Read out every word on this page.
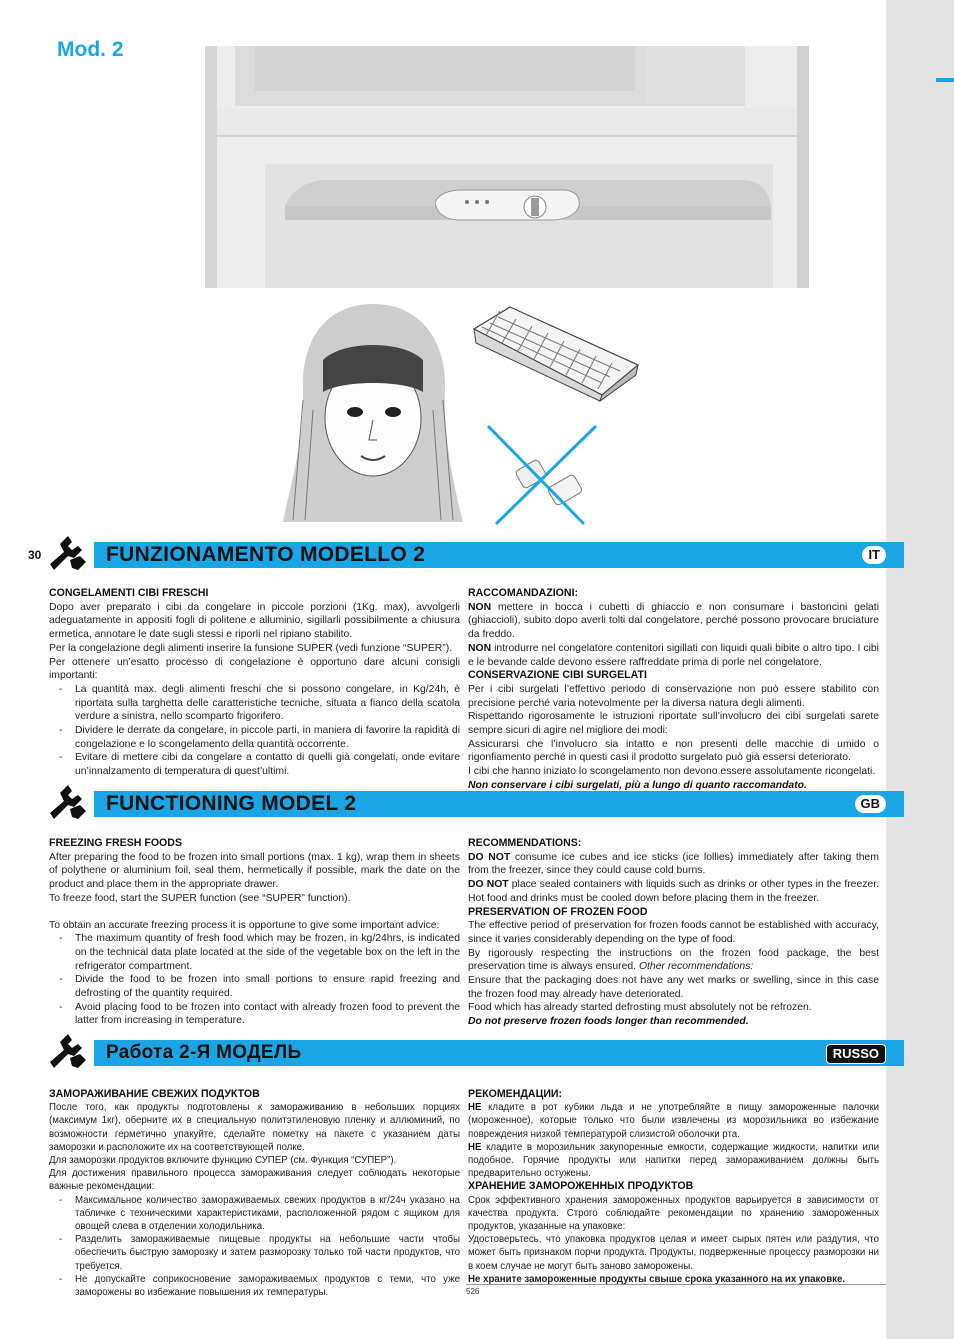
Mod. 2
30	FUNZIONAMENTO MODELLO 2	IT
CONGELAMENTI CIBI FRESCHI

Dopo aver preparato i cibi da congelare in piccole porzioni (1Kg. max), avvolgerli adeguatamente in appositi fogli di politene e alluminio, sigillarli possibilmente a chiusura ermetica, annotare le date sugli stessi e riporli nel ripiano stabilito.

Per la congelazione degli alimenti inserire la funsione SUPER (vedi funzione “SUPER”).

Per ottenere un’esatto processo di congelazione è opportuno dare alcuni consigli importanti:

- La quantità max. degli alimenti freschi che si possono congelare, in Kg/24h, è riportata sulla targhetta delle caratteristiche tecniche, situata a fianco della scatola verdure a sinistra, nello scomparto frigorifero.
- Dividere le derrate da congelare, in piccole parti, in maniera di favorire la rapidità di congelazione e lo scongelamento della quantità occorrente.
- Evitare di mettere cibi da congelare a contatto di quelli già congelati, onde evitare un’innalzamento di temperatura di quest’ultimi.
RACCOMANDAZIONI:

NON mettere in bocca i cubetti di ghiaccio e non consumare i bastoncini gelati (ghiaccioli), subito dopo averli tolti dal congelatore, perché possono provocare bruciature da freddo.

NON introdurre nel congelatore contenitori sigillati con liquidi quali bibite o altro tipo. I cibi e le bevande calde devono essere raffreddate prima di porle nel congelatore.

CONSERVAZIONE CIBI SURGELATI

Per i cibi surgelati l’effettivo periodo di conservazione non può essere stabilito con precisione perché varia notevolmente per la diversa natura degli alimenti.

Rispettando rigorosamente le istruzioni riportate sull’involucro dei cibi surgelati sarete sempre sicuri di agire nel migliore dei modi:

Assicurarsi che l’involucro sia intatto e non presenti delle macchie di umido o rigonfiamento perché in questi casi il prodotto surgelato può già essersi deteriorato.

I cibi che hanno iniziato lo scongelamento non devono essere assolutamente ricongelati.

Non conservare i cibi surgelati, più a lungo di quanto raccomandato.

FUNCTIONING MODEL 2	GB
FREEZING FRESH FOODS

After preparing the food to be frozen into small portions (max. 1 kg), wrap them in sheets of polythene or aluminium foil, seal them, hermetically if possible, mark the date on the product and place them in the appropriate drawer.

To freeze food, start the SUPER function (see “SUPER” function).

To obtain an accurate freezing process it is opportune to give some important advice:

- The maximum quantity of fresh food which may be frozen, in kg/24hrs, is indicated on the technical data plate located at the side of the vegetable box on the left in the refrigerator compartment.
- Divide the food to be frozen into small portions to ensure rapid freezing and defrosting of the quantity required.
- Avoid placing food to be frozen into contact with already frozen food to prevent the latter from increasing in temperature.
RECOMMENDATIONS:

DO NOT consume ice cubes and ice sticks (ice lollies) immediately after taking them from the freezer, since they could cause cold burns.

DO NOT place sealed containers with liquids such as drinks or other types in the freezer. Hot food and drinks must be cooled down before placing them in the freezer.

PRESERVATION OF FROZEN FOOD

The effective period of preservation for frozen foods cannot be established with accuracy, since it varies considerably depending on the type of food.

By rigorously respecting the instructions on the frozen food package, the best preservation time is always ensured. Other recommendations:

Ensure that the packaging does not have any wet marks or swelling, since in this case the frozen food may already have deteriorated.

Food which has already started defrosting must absolutely not be refrozen.

Do not preserve frozen foods longer than recommended.

Работа 2-Я МОДЕЛЬ	RUSSO
ЗАМОРАЖИВАНИЕ СВЕЖИХ ПОДУКТОВ

После того, как продукты подготовлены к замораживанию в небольших порциях (максимум 1кг), оберните их в специальную политэтиленовую пленку и аллюминий, по возможности герметично упакуйте, сделайте пометку на пакете с указанием даты заморозки и расположите их на соответствующей полке.

Для заморозки продуктов включите функцию СУПЕР (см. Функция “СУПЕР”).

Для достижения правильного процесса замораживания следует соблюдать некоторые важные рекомендации:

- Максимальное количество замораживаемых свежих продуктов в кг/24ч указано на табличке с техническими характеристиками, расположенной рядом с ящиком для овощей слева в отделении холодильника.
- Разделить замораживаемые пищевые продукты на небольшие части чтобы обеспечить быструю заморозку и затем разморозку только той части продуктов, что требуется.
- Не допускайте соприкосновение замораживаемых продуктов с теми, что уже заморожены во избежание повышения их температуры.
РЕКОМЕНДАЦИИ:

НЕ кладите в рот кубики льда и не употребляйте в пищу замороженные палочки (мороженное), которые только что были извлечены из морозильника во избежание повреждения низкой температурой слизистой оболочки рта.

НЕ кладите в морозильник закупоренные емкости, содержащие жидкости, напитки или подобное. Горячие продукты или напитки перед замораживанием должны быть предварительно остужены.

ХРАНЕНИЕ ЗАМОРОЖЕННЫХ ПРОДУКТОВ

Срок эффективного хранения замороженных продуктов варьируется в зависимости от качества продукта. Строго соблюдайте рекомендации по хранению замороженных продуктов, указанные на упаковке:

Удостоверьтесь, что упаковка продуктов целая и имеет сырых пятен или раздутия, что может быть признаком порчи продукта. Продукты, подверженные процессу разморозки ни в коем случае не могут быть заново заморожены.

Не храните замороженные продукты свыше срока указанного на их упаковке.

526
